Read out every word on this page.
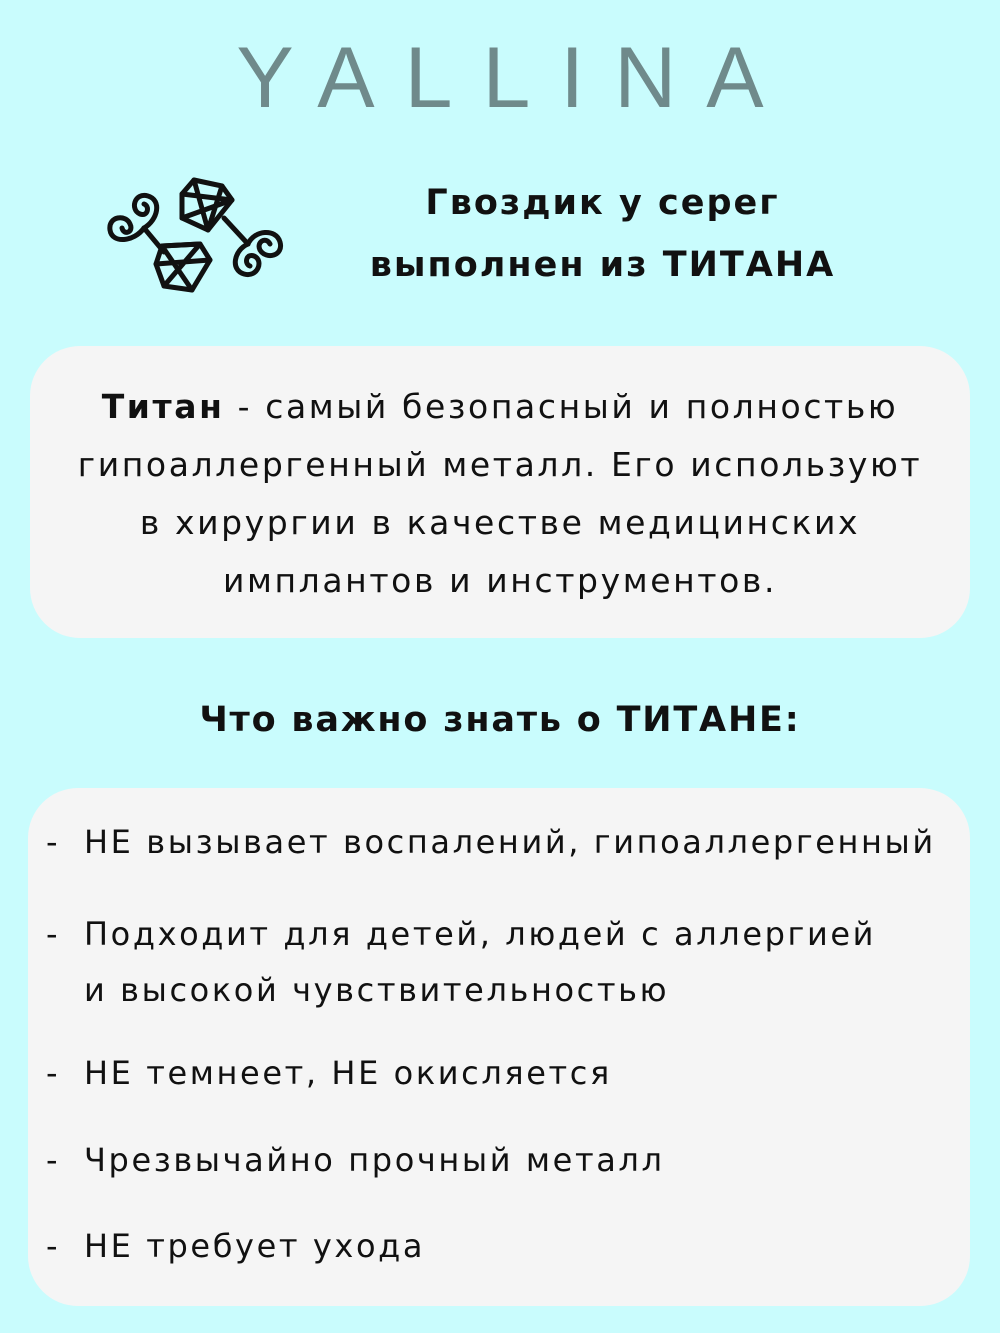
YALLINA
Гвоздик у серег
выполнен из ТИТАНА
Титан - самый безопасный и полностью
гипоаллергенный металл. Его используют
в хирургии в качестве медицинских
имплантов и инструментов.
Что важно знать о ТИТАНЕ:
- НЕ вызывает воспалений, гипоаллергенный
- Подходит для детей, людей с аллергией
и высокой чувствительностью
- НЕ темнеет, НЕ окисляется
- Чрезвычайно прочный металл
- НЕ требует ухода
